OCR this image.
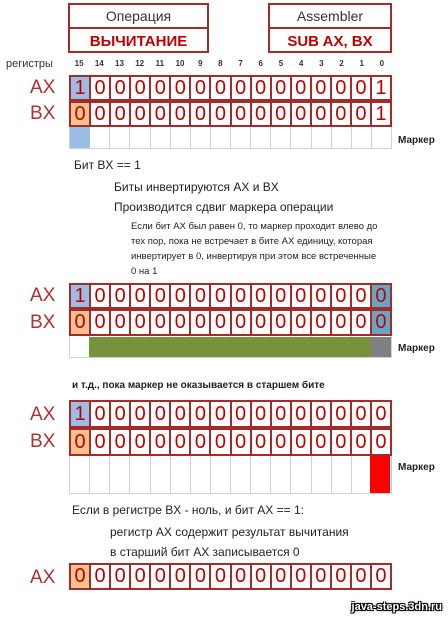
Операция
ВЫЧИТАНИЕ
Assembler
SUB AX, BX
регистры	15	14	13	12	11	10	9	8	7	6	5	4	3	2	1	0
AX 1 0 0 0 0 0 0 0 0 0 0 0 0 0 0 1
BX 0 0 0 0 0 0 0 0 0 0 0 0 0 0 0 1
Маркер
Бит BX == 1
Биты инвертируются AX и BX
Производится сдвиг маркера операции
Если бит AX был равен 0, то маркер проходит влево до тех пор, пока не встречает в бите AX единицу, которая инвертирует в 0, инвертируя при этом все встреченные 0 на 1
AX 1 0 0 0 0 0 0 0 0 0 0 0 0 0 0 0
BX 0 0 0 0 0 0 0 0 0 0 0 0 0 0 0 0
Маркер
и т.д., пока маркер не оказывается в старшем бите
AX 1 0 0 0 0 0 0 0 0 0 0 0 0 0 0 0
BX 0 0 0 0 0 0 0 0 0 0 0 0 0 0 0 0
Маркер
Если в регистре BX - ноль, и бит AX == 1:
регистр AX содержит результат вычитания
в старший бит AX записывается 0
AX 0 0 0 0 0 0 0 0 0 0 0 0 0 0 0 0
java-steps.3dn.ru
